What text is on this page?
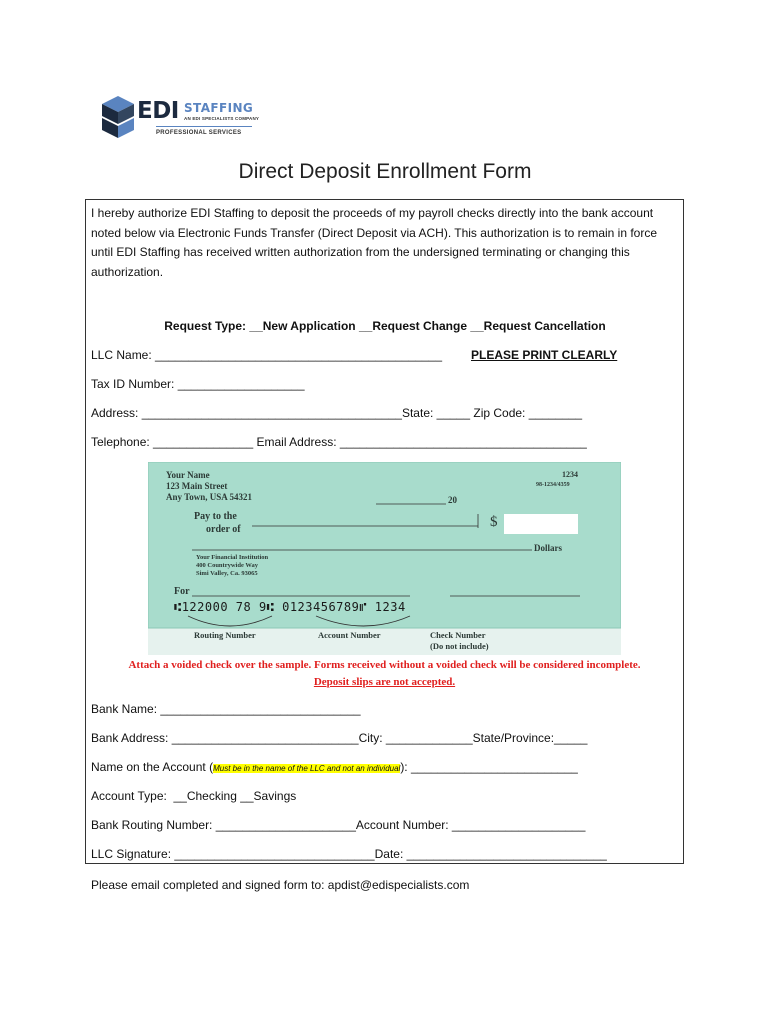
EDI STAFFING
AN EDI SPECIALISTS COMPANY
PROFESSIONAL SERVICES
Direct Deposit Enrollment Form
I hereby authorize EDI Staffing to deposit the proceeds of my payroll checks directly into the bank account noted below via Electronic Funds Transfer (Direct Deposit via ACH). This authorization is to remain in force until EDI Staffing has received written authorization from the undersigned terminating or changing this authorization.
Request Type: __New Application __Request Change __Request Cancellation
LLC Name: ___________________________________________ PLEASE PRINT CLEARLY
Tax ID Number: ___________________
Address: _______________________________________State: _____ Zip Code: ________
Telephone: _______________ Email Address: _____________________________________
Your Name
123 Main Street
Any Town, USA 54321
1234
98-1234/4359
20
Pay to the
order of	$
Dollars
Your Financial Institution
400 Countrywide Way
Simi Valley, Ca. 93065
For
⑆122000 78 9⑆ 0123456789⑈ 1234
Routing Number	Account Number	Check Number
(Do not include)
Attach a voided check over the sample. Forms received without a voided check will be considered incomplete.
Deposit slips are not accepted.
Bank Name: ______________________________
Bank Address: ____________________________City: _____________State/Province:_____
Name on the Account (Must be in the name of the LLC and not an individual): _________________________
Account Type:  __Checking __Savings
Bank Routing Number: _____________________Account Number: ____________________
LLC Signature: ______________________________Date: ______________________________
Please email completed and signed form to: apdist@edispecialists.com
